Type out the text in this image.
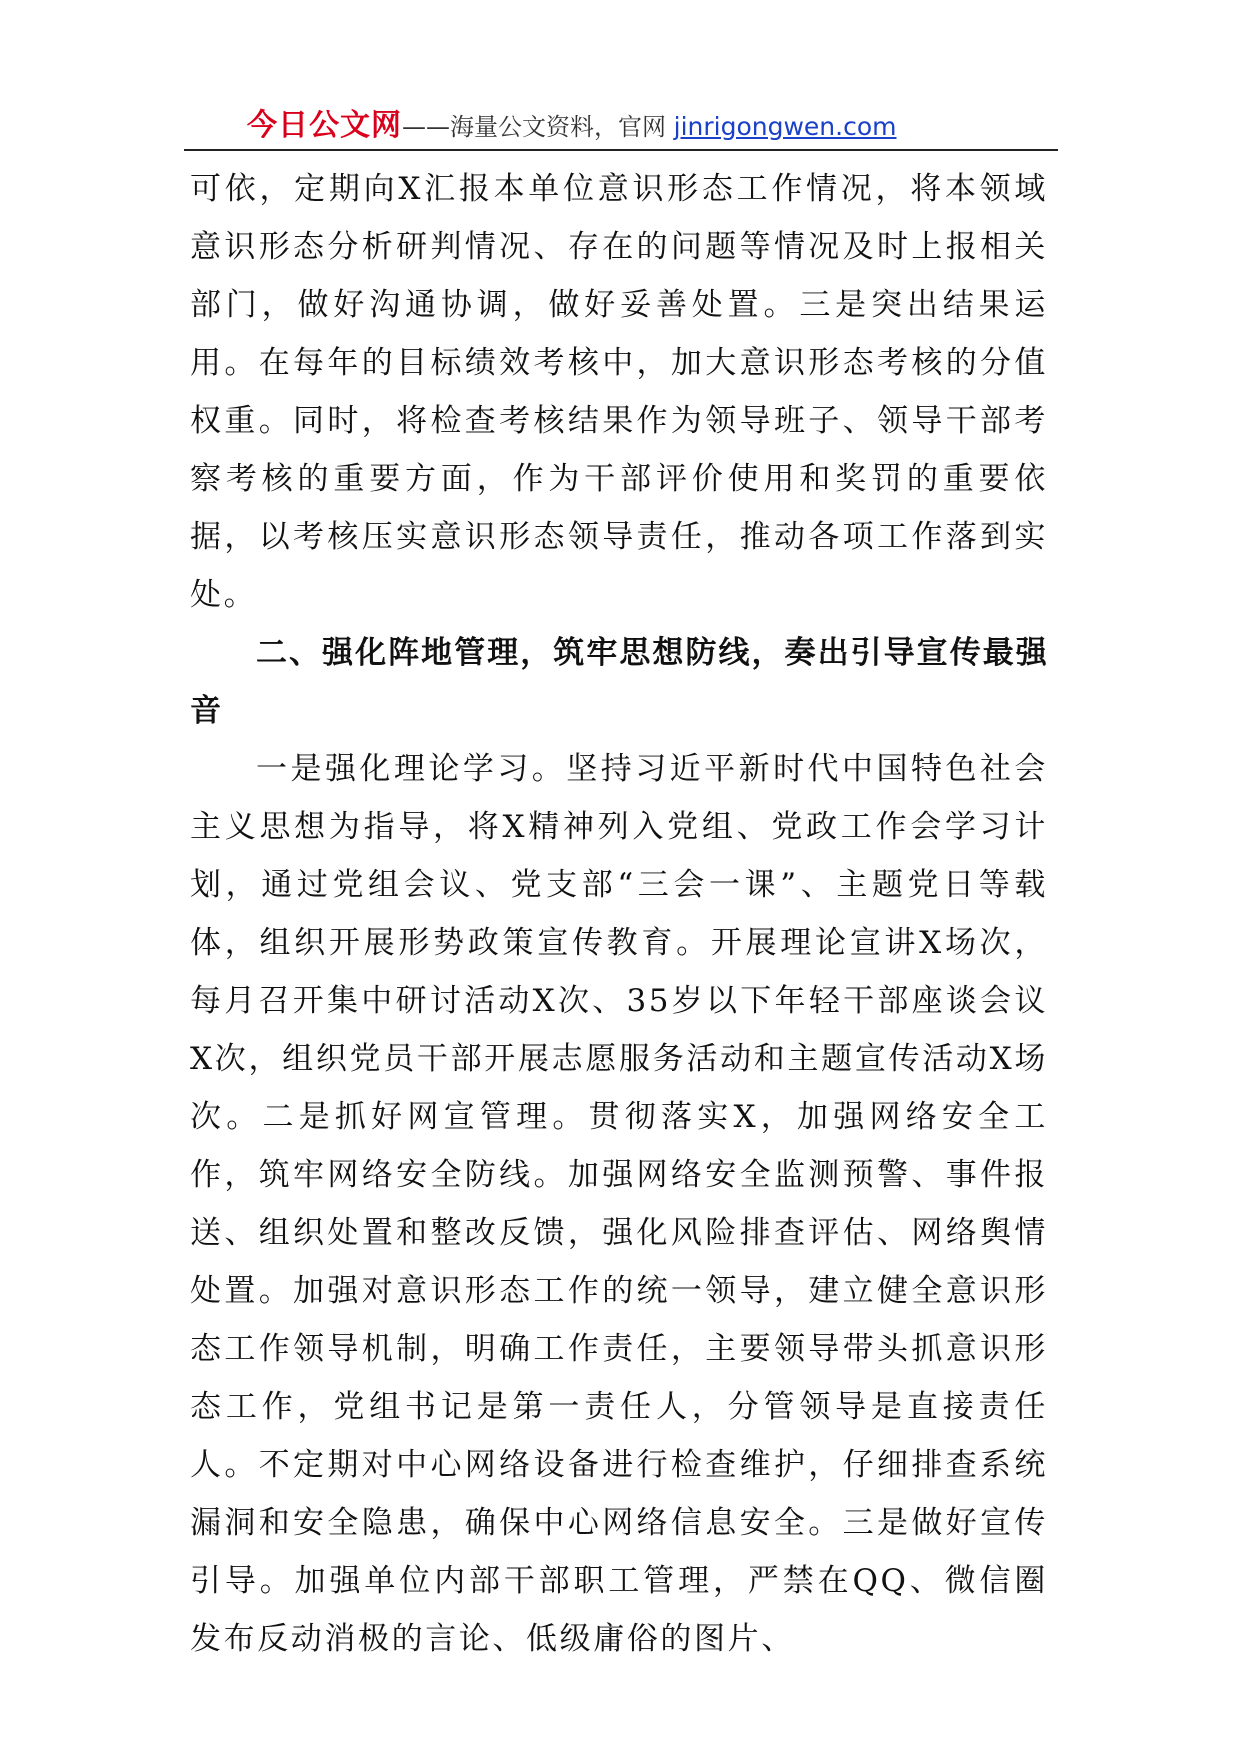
今日公文网——海量公文资料，官网 jinrigongwen.com

可依，定期向X汇报本单位意识形态工作情况，将本领域意识形态分析研判情况、存在的问题等情况及时上报相关部门，做好沟通协调，做好妥善处置。三是突出结果运用。在每年的目标绩效考核中，加大意识形态考核的分值权重。同时，将检查考核结果作为领导班子、领导干部考察考核的重要方面，作为干部评价使用和奖罚的重要依据，以考核压实意识形态领导责任，推动各项工作落到实处。

二、强化阵地管理，筑牢思想防线，奏出引导宣传最强音

一是强化理论学习。坚持习近平新时代中国特色社会主义思想为指导，将X精神列入党组、党政工作会学习计划，通过党组会议、党支部“三会一课”、主题党日等载体，组织开展形势政策宣传教育。开展理论宣讲X场次，每月召开集中研讨活动X次、35岁以下年轻干部座谈会议X次，组织党员干部开展志愿服务活动和主题宣传活动X场次。二是抓好网宣管理。贯彻落实X，加强网络安全工作，筑牢网络安全防线。加强网络安全监测预警、事件报送、组织处置和整改反馈，强化风险排查评估、网络舆情处置。加强对意识形态工作的统一领导，建立健全意识形态工作领导机制，明确工作责任，主要领导带头抓意识形态工作，党组书记是第一责任人，分管领导是直接责任人。不定期对中心网络设备进行检查维护，仔细排查系统漏洞和安全隐患，确保中心网络信息安全。三是做好宣传引导。加强单位内部干部职工管理，严禁在QQ、微信圈发布反动消极的言论、低级庸俗的图片、
